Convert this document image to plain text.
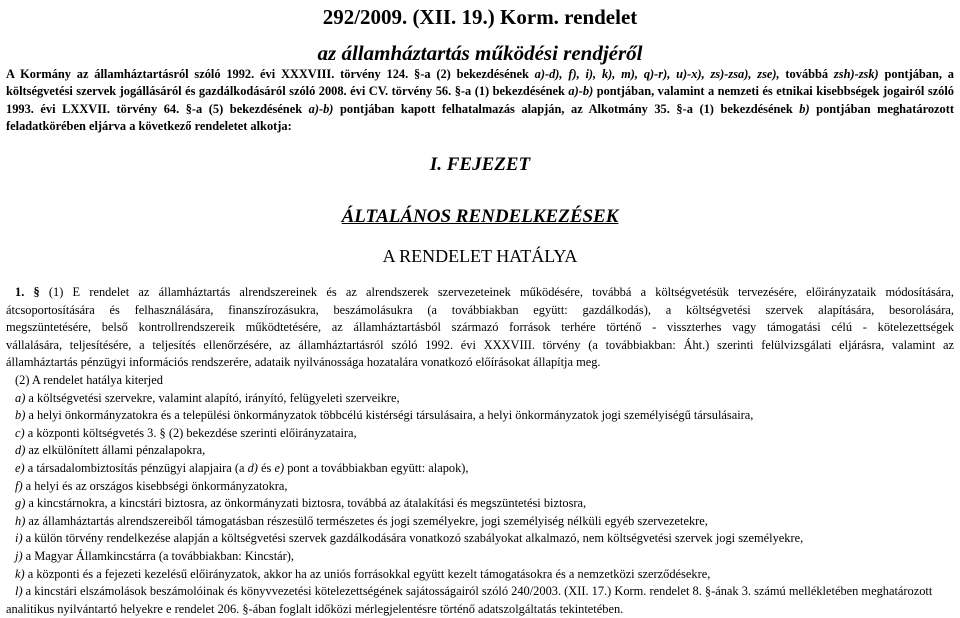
292/2009. (XII. 19.) Korm. rendelet
az államháztartás működési rendjéről
A Kormány az államháztartásról szóló 1992. évi XXXVIII. törvény 124. §-a (2) bekezdésének a)-d), f), i), k), m), q)-r), u)-x), zs)-zsa), zse), továbbá zsh)-zsk) pontjában, a költségvetési szervek jogállásáról és gazdálkodásáról szóló 2008. évi CV. törvény 56. §-a (1) bekezdésének a)-b) pontjában, valamint a nemzeti és etnikai kisebbségek jogairól szóló 1993. évi LXXVII. törvény 64. §-a (5) bekezdésének a)-b) pontjában kapott felhatalmazás alapján, az Alkotmány 35. §-a (1) bekezdésének b) pontjában meghatározott feladatkörében eljárva a következő rendeletet alkotja:
I. FEJEZET
ÁLTALÁNOS RENDELKEZÉSEK
A RENDELET HATÁLYA
1. § (1) E rendelet az államháztartás alrendszereinek és az alrendszerek szervezeteinek működésére, továbbá a költségvetésük tervezésére, előirányzataik módosítására,
átcsoportosítására és felhasználására, finanszírozásukra, beszámolásukra (a továbbiakban együtt: gazdálkodás), a költségvetési szervek alapítására, besorolására,
megszüntetésére, belső kontrollrendszereik működtetésére, az államháztartásból származó források terhére történő - visszterhes vagy támogatási célú - kötelezettségek
vállalására, teljesítésére, a teljesítés ellenőrzésére, az államháztartásról szóló 1992. évi XXXVIII. törvény (a továbbiakban: Áht.) szerinti felülvizsgálati eljárásra, valamint az
államháztartás pénzügyi információs rendszerére, adataik nyilvánossága hozatalára vonatkozó előírásokat állapítja meg.
(2) A rendelet hatálya kiterjed
a) a költségvetési szervekre, valamint alapító, irányító, felügyeleti szerveikre,
b) a helyi önkormányzatokra és a települési önkormányzatok többcélú kistérségi társulásaira, a helyi önkormányzatok jogi személyiségű társulásaira,
c) a központi költségvetés 3. § (2) bekezdése szerinti előirányzataira,
d) az elkülönített állami pénzalapokra,
e) a társadalombiztosítás pénzügyi alapjaira (a d) és e) pont a továbbiakban együtt: alapok),
f) a helyi és az országos kisebbségi önkormányzatokra,
g) a kincstárnokra, a kincstári biztosra, az önkormányzati biztosra, továbbá az átalakítási és megszüntetési biztosra,
h) az államháztartás alrendszereiből támogatásban részesülő természetes és jogi személyekre, jogi személyiség nélküli egyéb szervezetekre,
i) a külön törvény rendelkezése alapján a költségvetési szervek gazdálkodására vonatkozó szabályokat alkalmazó, nem költségvetési szervek jogi személyekre,
j) a Magyar Államkincstárra (a továbbiakban: Kincstár),
k) a központi és a fejezeti kezelésű előirányzatok, akkor ha az uniós forrásokkal együtt kezelt támogatásokra és a nemzetközi szerződésekre,
l) a kincstári elszámolások beszámolóinak és könyvvezetési kötelezettségének sajátosságairól szóló 240/2003. (XII. 17.) Korm. rendelet 8. §-ának 3. számú mellékletében meghatározott
analitikus nyilvántartó helyekre e rendelet 206. §-ában foglalt időközi mérlegjelentésre történő adatszolgáltatás tekintetében.
